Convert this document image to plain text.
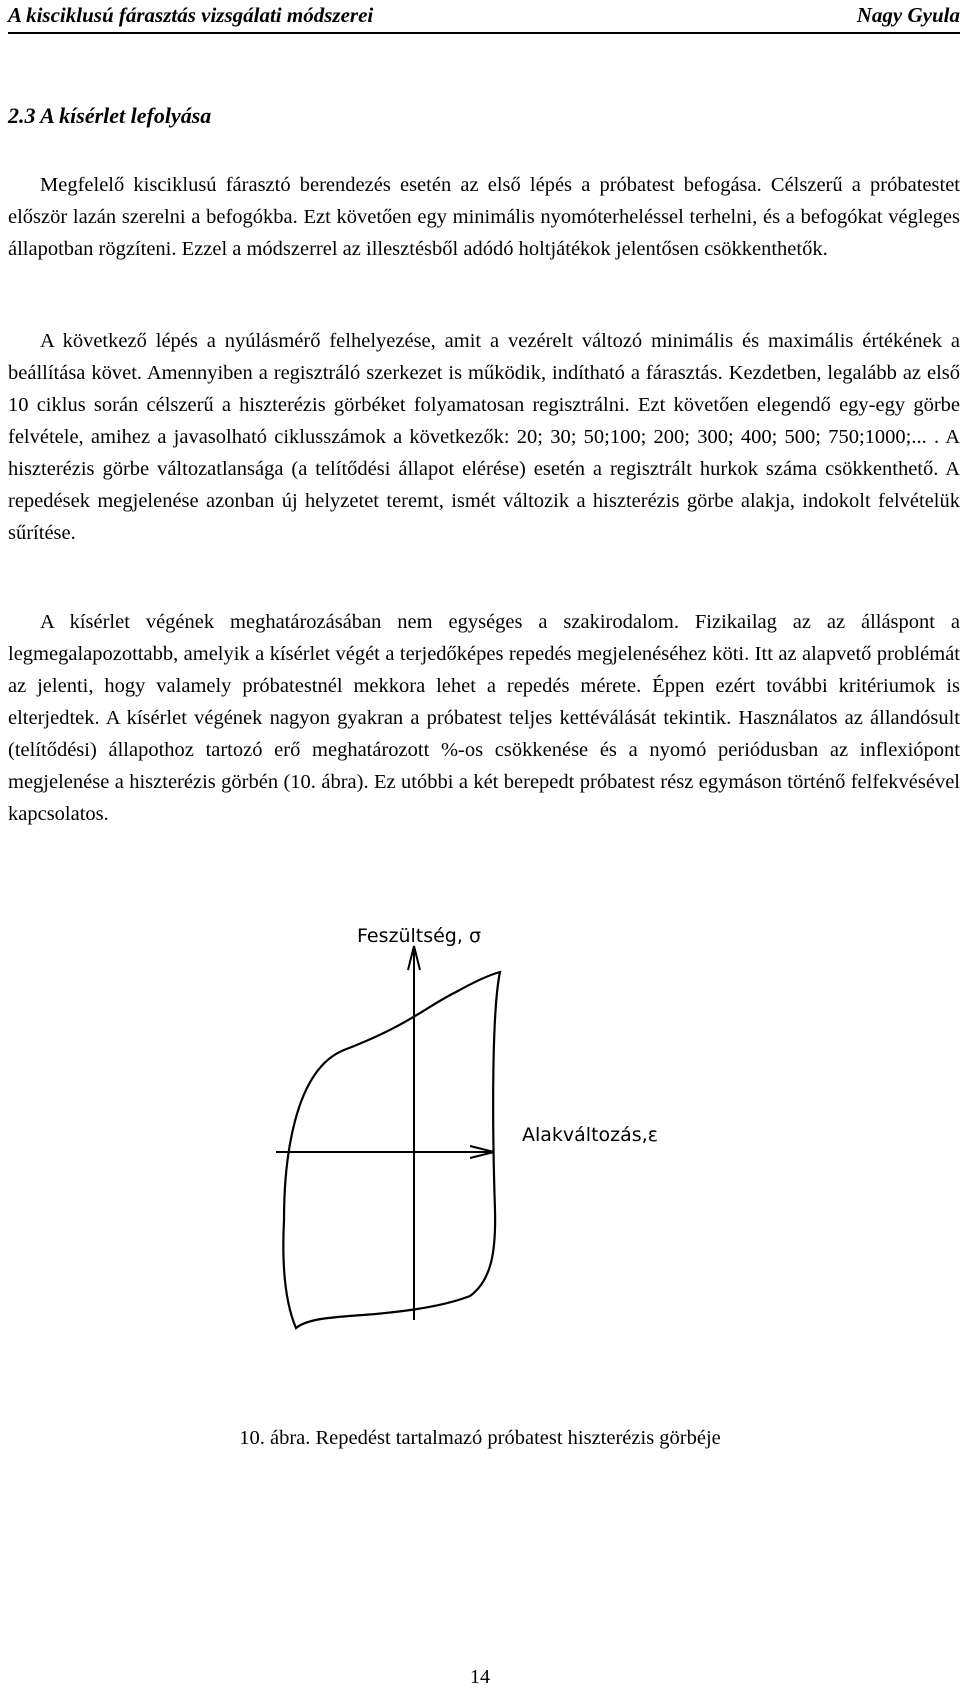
A kisciklusú fárasztás vizsgálati módszerei	Nagy Gyula
2.3 A kísérlet lefolyása

Megfelelő kisciklusú fárasztó berendezés esetén az első lépés a próbatest befogása. Célszerű a próbatestet először lazán szerelni a befogókba. Ezt követően egy minimális nyomóterheléssel terhelni, és a befogókat végleges állapotban rögzíteni. Ezzel a módszerrel az illesztésből adódó holtjátékok jelentősen csökkenthetők.

A következő lépés a nyúlásmérő felhelyezése, amit a vezérelt változó minimális és maximális értékének a beállítása követ. Amennyiben a regisztráló szerkezet is működik, indítható a fárasztás. Kezdetben, legalább az első 10 ciklus során célszerű a hiszterézis görbéket folyamatosan regisztrálni. Ezt követően elegendő egy-egy görbe felvétele, amihez a javasolható ciklusszámok a következők: 20; 30; 50;100; 200; 300; 400; 500; 750;1000;... . A hiszterézis görbe változatlansága (a telítődési állapot elérése) esetén a regisztrált hurkok száma csökkenthető. A repedések megjelenése azonban új helyzetet teremt, ismét változik a hiszterézis görbe alakja, indokolt felvételük sűrítése.

A kísérlet végének meghatározásában nem egységes a szakirodalom. Fizikailag az az álláspont a legmegalapozottabb, amelyik a kísérlet végét a terjedőképes repedés megjelenéséhez köti. Itt az alapvető problémát az jelenti, hogy valamely próbatestnél mekkora lehet a repedés mérete. Éppen ezért további kritériumok is elterjedtek. A kísérlet végének nagyon gyakran a próbatest teljes kettéválását tekintik. Használatos az állandósult (telítődési) állapothoz tartozó erő meghatározott %-os csökkenése és a nyomó periódusban az inflexiópont megjelenése a hiszterézis görbén (10. ábra). Ez utóbbi a két berepedt próbatest rész egymáson történő felfekvésével kapcsolatos.

Feszültség, σ
Alakváltozás,ε

10. ábra. Repedést tartalmazó próbatest hiszterézis görbéje

14
